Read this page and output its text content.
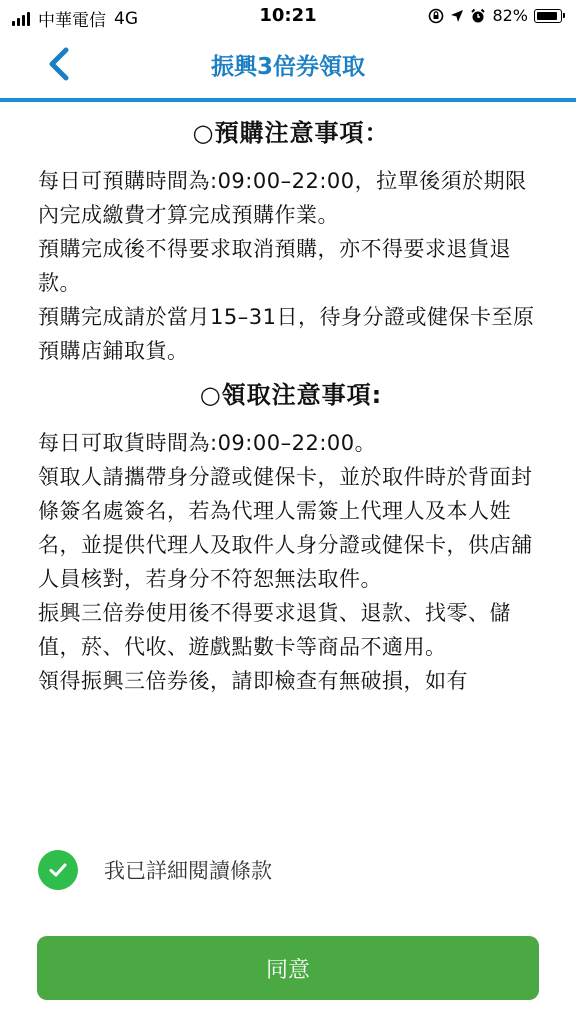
中華電信 4G	10:21	82%
振興3倍券領取
○預購注意事項：

每日可預購時間為:09:00–22:00，拉單後須於期限內完成繳費才算完成預購作業。

預購完成後不得要求取消預購，亦不得要求退貨退款。

預購完成請於當月15–31日，待身分證或健保卡至原預購店鋪取貨。

○領取注意事項:

每日可取貨時間為:09:00–22:00。

領取人請攜帶身分證或健保卡，並於取件時於背面封條簽名處簽名，若為代理人需簽上代理人及本人姓名，並提供代理人及取件人身分證或健保卡，供店舖人員核對，若身分不符恕無法取件。

振興三倍券使用後不得要求退貨、退款、找零、儲值，菸、代收、遊戲點數卡等商品不適用。

領得振興三倍券後，請即檢查有無破損，如有

我已詳細閱讀條款
同意
